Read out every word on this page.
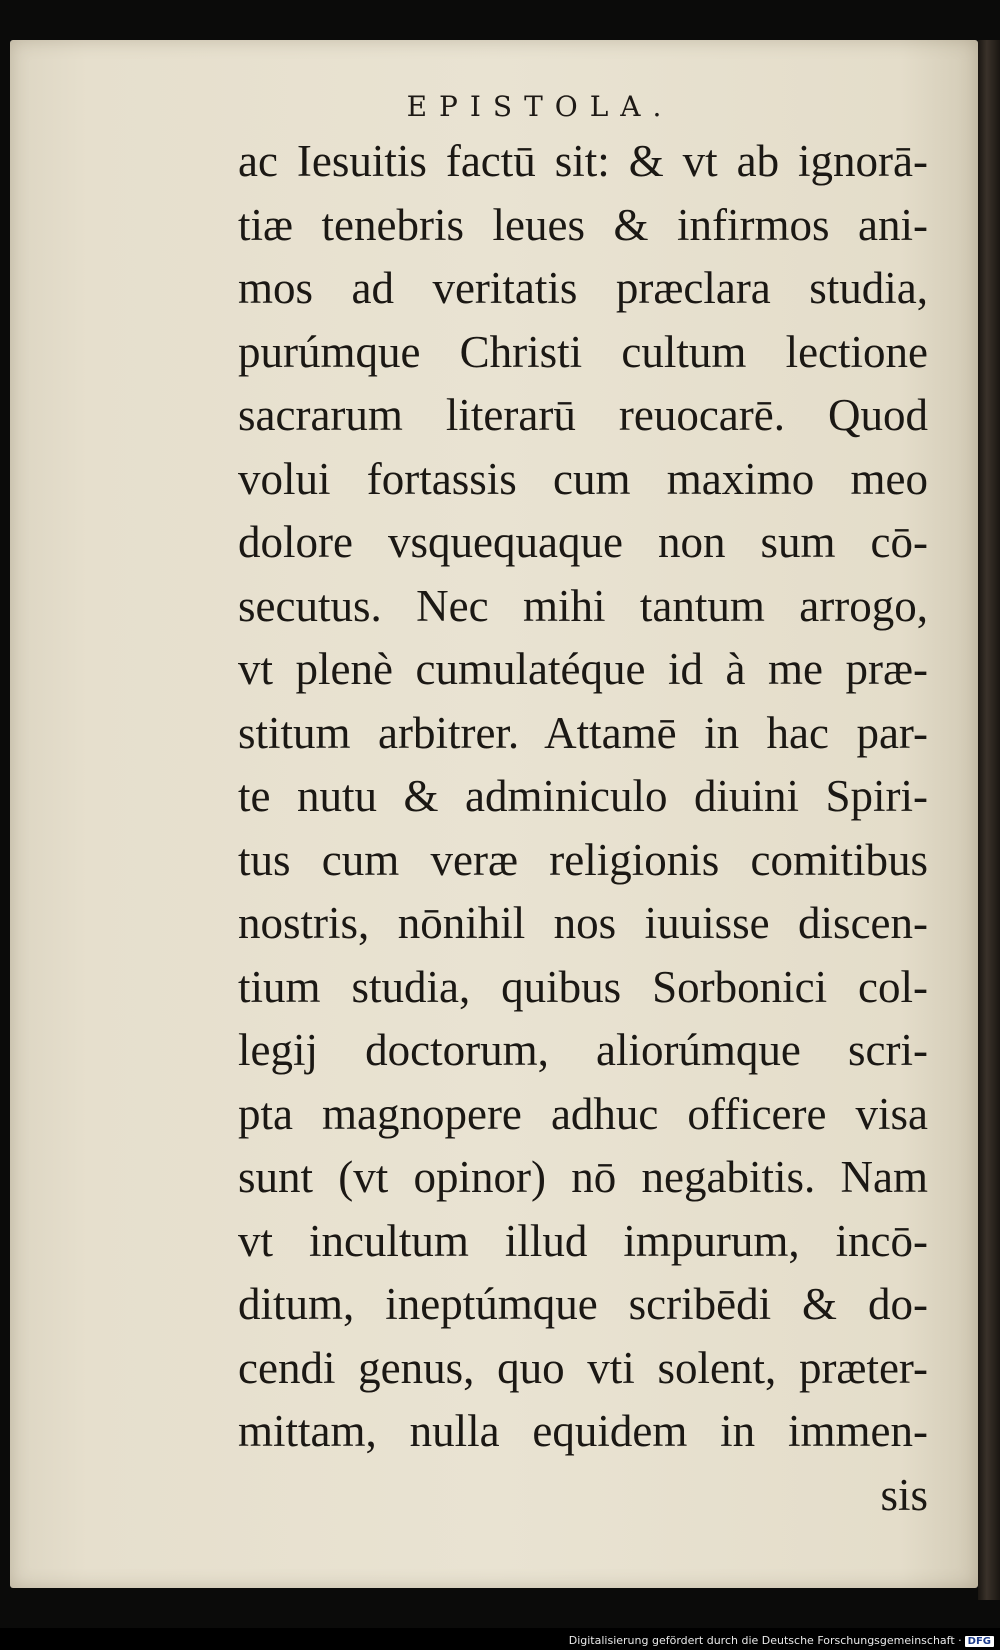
EPISTOLA.
ac Iesuitis factū sit: & vt ab ignorā-
tiæ tenebris leues & infirmos ani-
mos ad veritatis præclara studia,
purúmque Christi cultum lectione
sacrarum literarū reuocarē. Quod
volui fortassis cum maximo meo
dolore vsquequaque non sum cō-
secutus. Nec mihi tantum arrogo,
vt plenè cumulatéque id à me præ-
stitum arbitrer. Attamē in hac par-
te nutu & adminiculo diuini Spiri-
tus cum veræ religionis comitibus
nostris, nōnihil nos iuuisse discen-
tium studia, quibus Sorbonici col-
legij doctorum, aliorúmque scri-
pta magnopere adhuc officere visa
sunt (vt opinor) nō negabitis. Nam
vt incultum illud impurum, incō-
ditum, ineptúmque scribēdi & do-
cendi genus, quo vti solent, præter-
mittam, nulla equidem in immen-
sis
Digitalisierung gefördert durch die Deutsche Forschungsgemeinschaft · DFG
